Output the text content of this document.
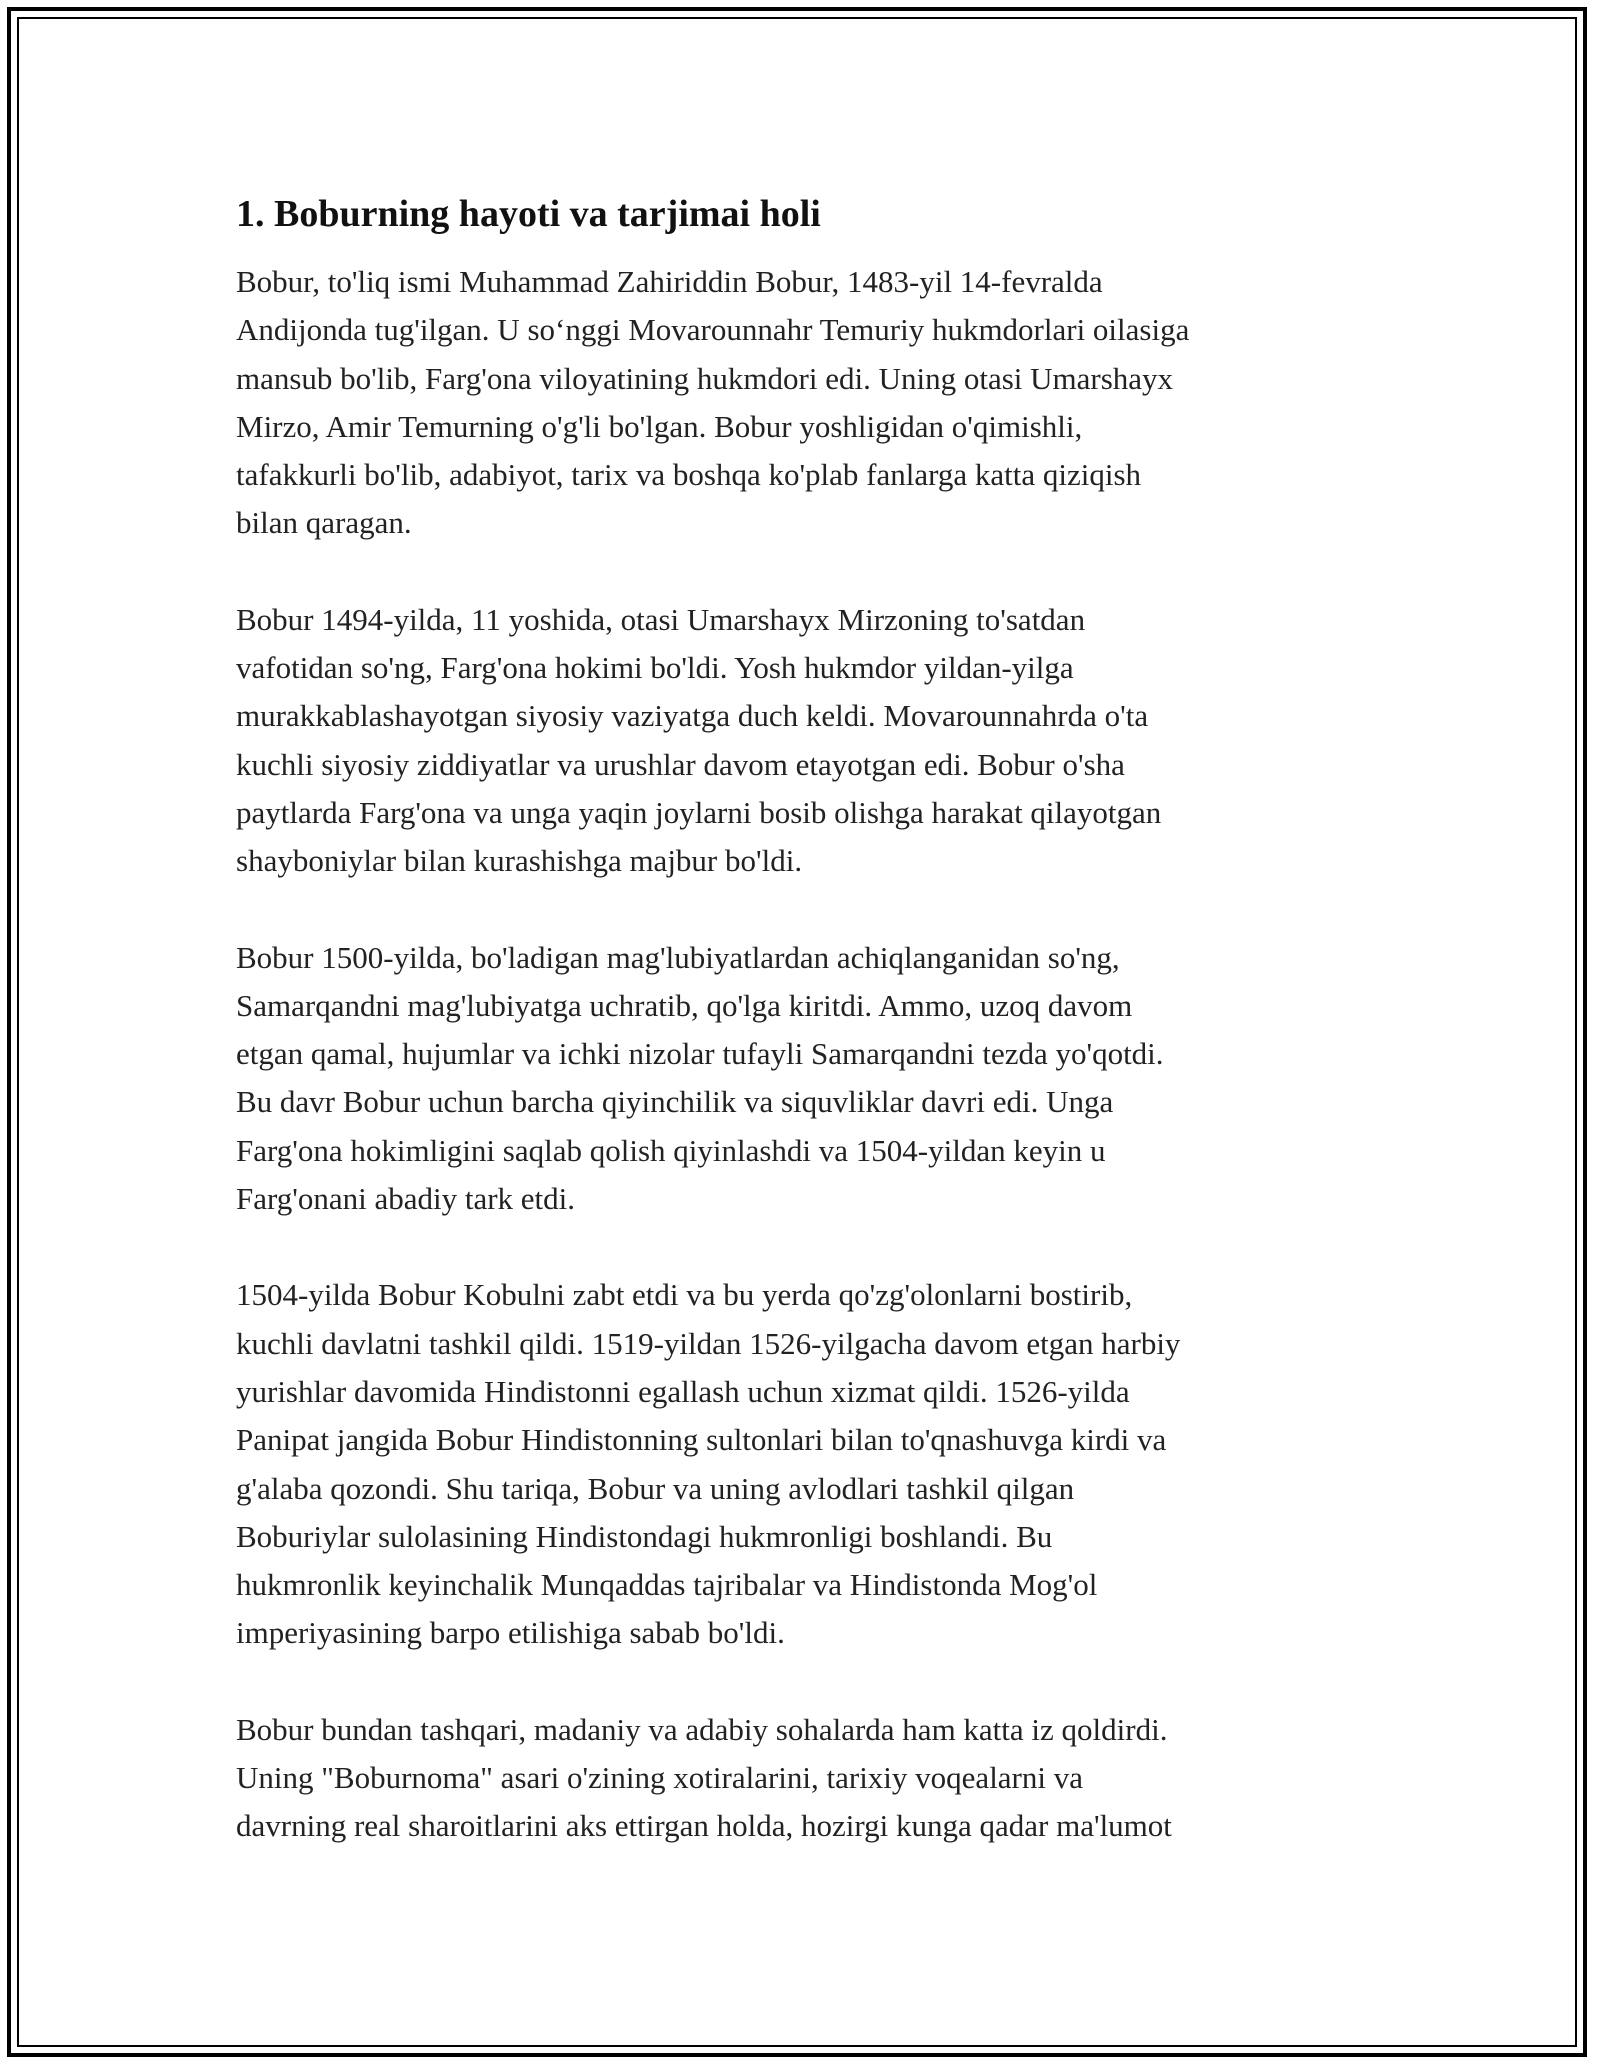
1. Boburning hayoti va tarjimai holi

Bobur, to'liq ismi Muhammad Zahiriddin Bobur, 1483-yil 14-fevralda
Andijonda tug'ilgan. U so‘nggi Movarounnahr Temuriy hukmdorlari oilasiga
mansub bo'lib, Farg'ona viloyatining hukmdori edi. Uning otasi Umarshayx
Mirzo, Amir Temurning o'g'li bo'lgan. Bobur yoshligidan o'qimishli,
tafakkurli bo'lib, adabiyot, tarix va boshqa ko'plab fanlarga katta qiziqish
bilan qaragan.

Bobur 1494-yilda, 11 yoshida, otasi Umarshayx Mirzoning to'satdan
vafotidan so'ng, Farg'ona hokimi bo'ldi. Yosh hukmdor yildan-yilga
murakkablashayotgan siyosiy vaziyatga duch keldi. Movarounnahrda o'ta
kuchli siyosiy ziddiyatlar va urushlar davom etayotgan edi. Bobur o'sha
paytlarda Farg'ona va unga yaqin joylarni bosib olishga harakat qilayotgan
shayboniylar bilan kurashishga majbur bo'ldi.

Bobur 1500-yilda, bo'ladigan mag'lubiyatlardan achiqlanganidan so'ng,
Samarqandni mag'lubiyatga uchratib, qo'lga kiritdi. Ammo, uzoq davom
etgan qamal, hujumlar va ichki nizolar tufayli Samarqandni tezda yo'qotdi.
Bu davr Bobur uchun barcha qiyinchilik va siquvliklar davri edi. Unga
Farg'ona hokimligini saqlab qolish qiyinlashdi va 1504-yildan keyin u
Farg'onani abadiy tark etdi.

1504-yilda Bobur Kobulni zabt etdi va bu yerda qo'zg'olonlarni bostirib,
kuchli davlatni tashkil qildi. 1519-yildan 1526-yilgacha davom etgan harbiy
yurishlar davomida Hindistonni egallash uchun xizmat qildi. 1526-yilda
Panipat jangida Bobur Hindistonning sultonlari bilan to'qnashuvga kirdi va
g'alaba qozondi. Shu tariqa, Bobur va uning avlodlari tashkil qilgan
Boburiylar sulolasining Hindistondagi hukmronligi boshlandi. Bu
hukmronlik keyinchalik Munqaddas tajribalar va Hindistonda Mog'ol
imperiyasining barpo etilishiga sabab bo'ldi.

Bobur bundan tashqari, madaniy va adabiy sohalarda ham katta iz qoldirdi.
Uning "Boburnoma" asari o'zining xotiralarini, tarixiy voqealarni va
davrning real sharoitlarini aks ettirgan holda, hozirgi kunga qadar ma'lumot
